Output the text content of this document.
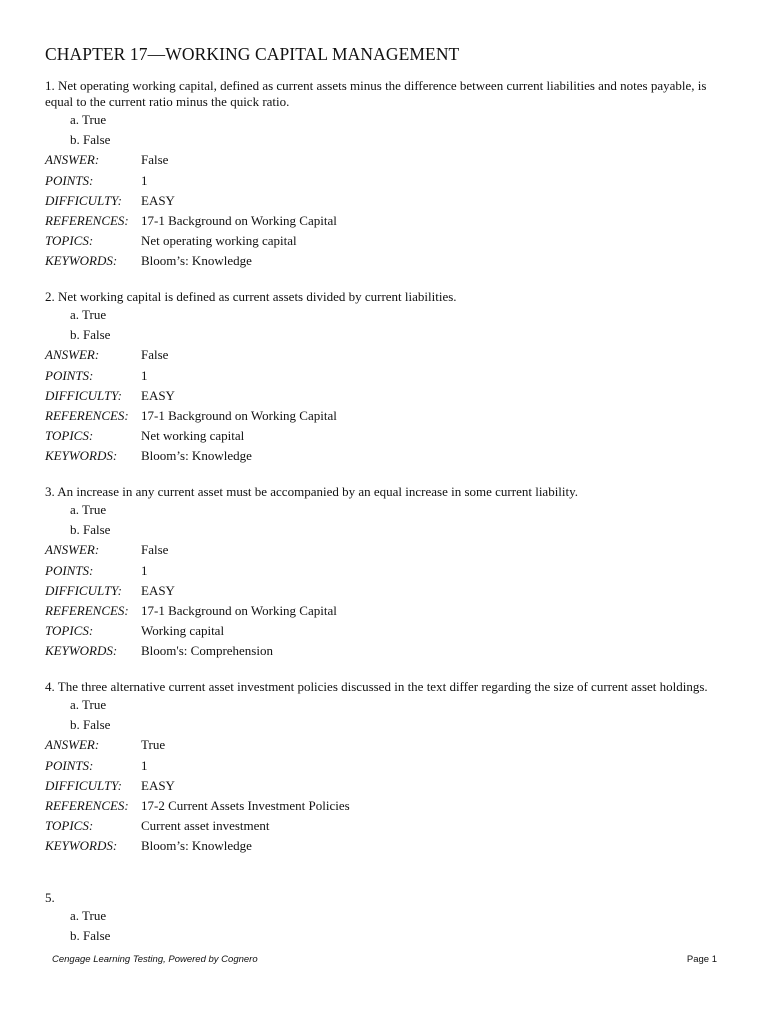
CHAPTER 17—WORKING CAPITAL MANAGEMENT
1. Net operating working capital, defined as current assets minus the difference between current liabilities and notes payable, is equal to the current ratio minus the quick ratio.
a. True
b. False
ANSWER:	False
POINTS:	1
DIFFICULTY:	EASY
REFERENCES: 17-1 Background on Working Capital
TOPICS:	Net operating working capital
KEYWORDS:	Bloom’s: Knowledge
2. Net working capital is defined as current assets divided by current liabilities.
a. True
b. False
ANSWER:	False
POINTS:	1
DIFFICULTY:	EASY
REFERENCES: 17-1 Background on Working Capital
TOPICS:	Net working capital
KEYWORDS:	Bloom’s: Knowledge
3. An increase in any current asset must be accompanied by an equal increase in some current liability.
a. True
b. False
ANSWER:	False
POINTS:	1
DIFFICULTY:	EASY
REFERENCES: 17-1 Background on Working Capital
TOPICS:	Working capital
KEYWORDS:	Bloom's: Comprehension
4. The three alternative current asset investment policies discussed in the text differ regarding the size of current asset holdings.
a. True
b. False
ANSWER:	True
POINTS:	1
DIFFICULTY:	EASY
REFERENCES: 17-2 Current Assets Investment Policies
TOPICS:	Current asset investment
KEYWORDS:	Bloom’s: Knowledge
5.
a. True
b. False
Cengage Learning Testing, Powered by Cognero	Page 1
